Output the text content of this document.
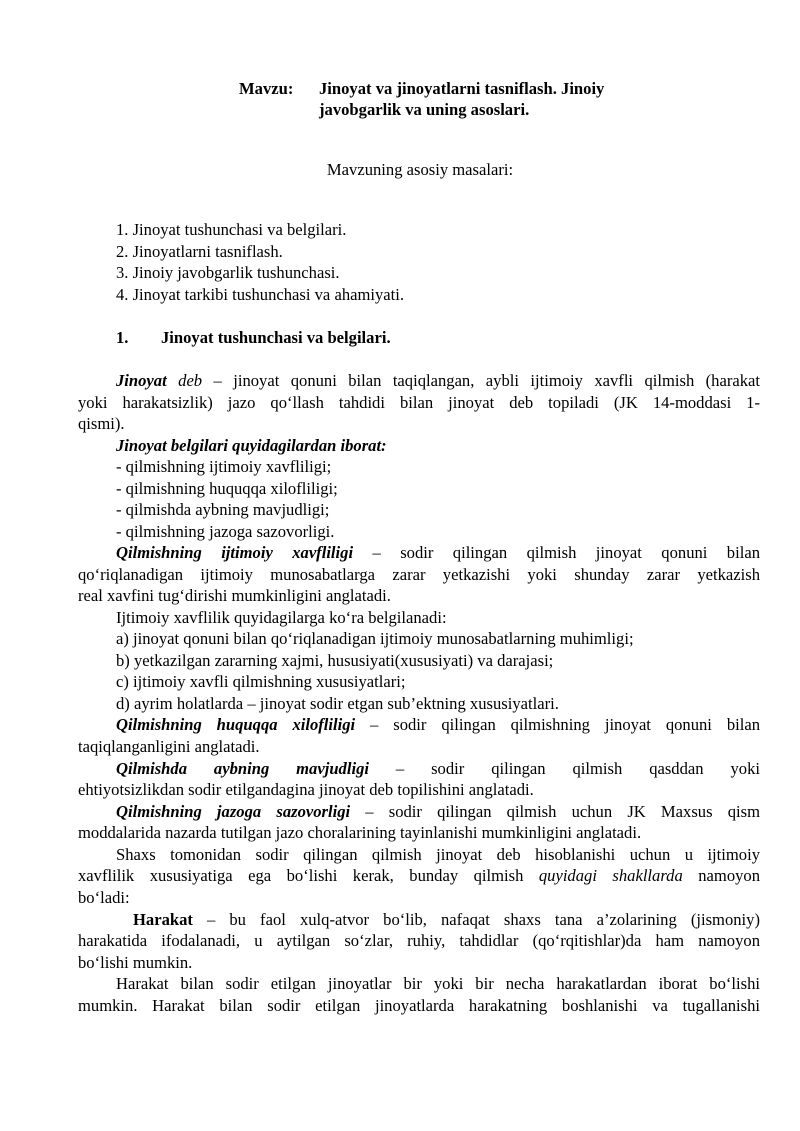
Mavzu: Jinoyat va jinoyatlarni tasniflash. Jinoiy
javobgarlik va uning asoslari.
Mavzuning asosiy masalari:
1. Jinoyat tushunchasi va belgilari.
2. Jinoyatlarni tasniflash.
3. Jinoiy javobgarlik tushunchasi.
4. Jinoyat tarkibi tushunchasi va ahamiyati.
1. Jinoyat tushunchasi va belgilari.
Jinoyat deb – jinoyat qonuni bilan taqiqlangan, aybli ijtimoiy xavfli qilmish (harakat
yoki harakatsizlik) jazo qo‘llash tahdidi bilan jinoyat deb topiladi (JK 14-moddasi 1-
qismi).
Jinoyat belgilari quyidagilardan iborat:
- qilmishning ijtimoiy xavfliligi;
- qilmishning huquqqa xilofliligi;
- qilmishda aybning mavjudligi;
- qilmishning jazoga sazovorligi.
Qilmishning ijtimoiy xavfliligi – sodir qilingan qilmish jinoyat qonuni bilan
qo‘riqlanadigan ijtimoiy munosabatlarga zarar yetkazishi yoki shunday zarar yetkazish
real xavfini tug‘dirishi mumkinligini anglatadi.
Ijtimoiy xavflilik quyidagilarga ko‘ra belgilanadi:
a) jinoyat qonuni bilan qo‘riqlanadigan ijtimoiy munosabatlarning muhimligi;
b) yetkazilgan zararning xajmi, hususiyati(xususiyati) va darajasi;
c) ijtimoiy xavfli qilmishning xususiyatlari;
d) ayrim holatlarda – jinoyat sodir etgan sub’ektning xususiyatlari.
Qilmishning huquqqa xilofliligi – sodir qilingan qilmishning jinoyat qonuni bilan
taqiqlanganligini anglatadi.
Qilmishda aybning mavjudligi – sodir qilingan qilmish qasddan yoki
ehtiyotsizlikdan sodir etilgandagina jinoyat deb topilishini anglatadi.
Qilmishning jazoga sazovorligi – sodir qilingan qilmish uchun JK Maxsus qism
moddalarida nazarda tutilgan jazo choralarining tayinlanishi mumkinligini anglatadi.
Shaxs tomonidan sodir qilingan qilmish jinoyat deb hisoblanishi uchun u ijtimoiy
xavflilik xususiyatiga ega bo‘lishi kerak, bunday qilmish quyidagi shakllarda namoyon
bo‘ladi:
Harakat – bu faol xulq-atvor bo‘lib, nafaqat shaxs tana a’zolarining (jismoniy)
harakatida ifodalanadi, u aytilgan so‘zlar, ruhiy, tahdidlar (qo‘rqitishlar)da ham namoyon
bo‘lishi mumkin.
Harakat bilan sodir etilgan jinoyatlar bir yoki bir necha harakatlardan iborat bo‘lishi
mumkin. Harakat bilan sodir etilgan jinoyatlarda harakatning boshlanishi va tugallanishi
